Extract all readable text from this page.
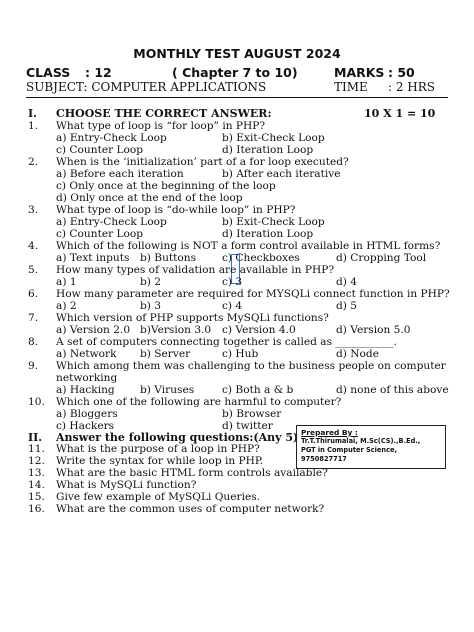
MONTHLY TEST AUGUST 2024
CLASS : 12	( Chapter 7 to 10)	MARKS : 50
SUBJECT: COMPUTER APPLICATIONS	TIME : 2 HRS
I. CHOOSE THE CORRECT ANSWER:	10 X 1 = 10
II. Answer the following questions:(Any 5) Prepared By :
Tr.T.Thirumalai, M.Sc(CS).,B.Ed.,
PGT in Computer Science,
9750827717
1. What type of loop is “for loop” in PHP?
a) Entry-Check Loop	b) Exit-Check Loop
c) Counter Loop	d) Iteration Loop
2. When is the ‘initialization’ part of a for loop executed?
a) Before each iteration	b) After each iterative
c) Only once at the beginning of the loop
d) Only once at the end of the loop
3. What type of loop is “do-while loop” in PHP?
a) Entry-Check Loop	b) Exit-Check Loop
c) Counter Loop	d) Iteration Loop
4. Which of the following is NOT a form control available in HTML forms?
a) Text inputs b) Buttons c) Checkboxes	d) Cropping Tool
5. How many types of validation are available in PHP?
a) 1	b) 2	c) 3	d) 4
6. How many parameter are required for MYSQLi connect function in PHP?
a) 2	b) 3	c) 4	d) 5
7. Which version of PHP supports MySQLi functions?
a) Version 2.0 b)Version 3.0 c) Version 4.0	d) Version 5.0
8. A set of computers connecting together is called as ___________.
a) Network b) Server	c) Hub	d) Node
9. Which among them was challenging to the business people on computer
networking
a) Hacking b) Viruses	c) Both a & b	d) none of this above
10. Which one of the following are harmful to computer?
a) Bloggers	b) Browser
c) Hackers	d) twitter
11. What is the purpose of a loop in PHP?
12. Write the syntax for while loop in PHP.
13. What are the basic HTML form controls available?
14. What is MySQLi function?
15. Give few example of MySQLi Queries.
16. What are the common uses of computer network?
